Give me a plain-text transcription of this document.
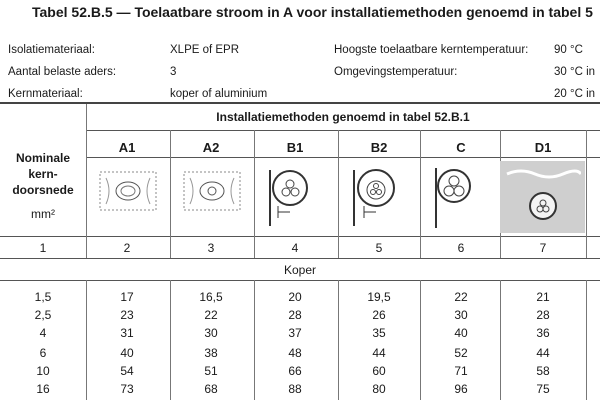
Tabel 52.B.5 — Toelaatbare stroom in A voor installatiemethoden genoemd in tabel 5
Isolatiemateriaal:	XLPE of EPR	Hoogste toelaatbare kerntemperatuur: 90 °C
Aantal belaste aders:	3	Omgevingstemperatuur:	30 °C in
Kernmateriaal:	koper of aluminium	20 °C in
Installatiemethoden genoemd in tabel 52.B.1
Nominale
kern-
doorsnede
mm²
A1	A2	B1	B2	C	D1
1	2	3	4	5	6	7
Koper
1,5	17	16,5	20	19,5	22	21
2,5	23	22	28	26	30	28
4	31	30	37	35	40	36
6	40	38	48	44	52	44
10	54	51	66	60	71	58
16	73	68	88	80	96	75
